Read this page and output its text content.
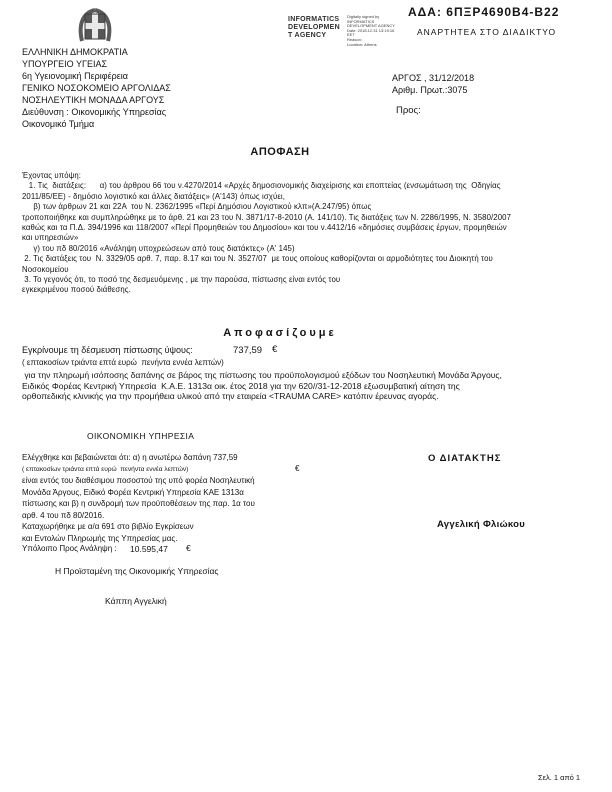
ΕΛΛΗΝΙΚΗ ΔΗΜΟΚΡΑΤΙΑ
ΥΠΟΥΡΓΕΙΟ ΥΓΕΙΑΣ
6η Υγειονομική Περιφέρεια
ΓΕΝΙΚΟ ΝΟΣΟΚΟΜΕΙΟ ΑΡΓΟΛΙΔΑΣ
ΝΟΣΗΛΕΥΤΙΚΗ ΜΟΝΑΔΑ ΑΡΓΟΥΣ
Διεύθυνση : Οικονομικής Υπηρεσίας
Οικονομικό Τμήμα
INFORMATICS
DEVELOPMEN
T AGENCY
Digitally signed by
INFORMATICS
DEVELOPMENT AGENCY
Date: 2018.12.31 13:19:16
EET
Reason:
Location: Athens
ΑΔΑ: 6ΠΞΡ4690Β4-Β22
ΑΝΑΡΤΗΤΕΑ ΣΤΟ ΔΙΑΔΙΚΤΥΟ
ΑΡΓΟΣ , 31/12/2018
Αριθμ. Πρωτ.:3075
Προς:
ΑΠΟΦΑΣΗ
Έχοντας υπόψη:
1. Τις  διατάξεις:      α) του άρθρου 66 του ν.4270/2014 «Αρχές δημοσιονομικής διαχείρισης και εποπτείας (ενσωμάτωση της  Οδηγίας
2011/85/ΕΕ) - δημόσιο λογιστικό και άλλες διατάξεις» (Α'143) όπως ισχύει,
β) των άρθρων 21 και 22Α  του Ν. 2362/1995 «Περί Δημόσιου Λογιστικού κλπ»(Α.247/95) όπως
τροποποιήθηκε και συμπληρώθηκε με το άρθ. 21 και 23 του Ν. 3871/17-8-2010 (Α. 141/10). Τις διατάξεις των Ν. 2286/1995, Ν. 3580/2007
καθώς και τα Π.Δ. 394/1996 και 118/2007 «Περί Προμηθειών του Δημοσίου» και του ν.4412/16 «δημόσιες συμβάσεις έργων, προμηθειών
και υπηρεσιών»
γ) του πδ 80/2016 «Ανάληψη υποχρεώσεων από τους διατάκτες» (Α' 145)
2. Τις διατάξεις του  Ν. 3329/05 αρθ. 7, παρ. 8.17 και του Ν. 3527/07  με τους οποίους καθορίζονται οι αρμοδιότητες του Διοικητή του
Νοσοκομείου
3. Το γεγονός ότι, το ποσό της δεσμευόμενης , με την παρούσα, πίστωσης είναι εντός του
εγκεκριμένου ποσού διάθεσης.
Αποφασίζουμε
Εγκρίνουμε τη δέσμευση πίστωσης ύψους:	737,59 €
( επτακοσίων τριάντα επτά ευρώ  πενήντα εννέα λεπτών)
για την πληρωμή ισόποσης δαπάνης σε βάρος της πίστωσης του προϋπολογισμού εξόδων του Νοσηλευτική Μονάδα Άργους,
Ειδικός Φορέας Κεντρική Υπηρεσία  Κ.Α.Ε. 1313α οικ. έτος 2018 για την 620//31-12-2018 εξωσυμβατική αίτηση της
ορθοπεδικής κλινικής για την προμήθεια υλικού από την εταιρεία <TRAUMA CARE> κατόπιν έρευνας αγοράς.
ΟΙΚΟΝΟΜΙΚΗ ΥΠΗΡΕΣΙΑ
Ελέγχθηκε και βεβαιώνεται ότι: α) η ανωτέρω δαπάνη 737,59
( επτακοσίων τριάντα επτά ευρώ  πενήντα εννέα λεπτών)
είναι εντός του διαθέσιμου ποσοστού της υπό φορέα Νοσηλευτική
Μονάδα Άργους, Ειδικό Φορέα Κεντρική Υπηρεσία ΚΑΕ 1313α
πίστωσης και β) η συνδρομή των προϋποθέσεων της παρ. 1α του
αρθ. 4 του πδ 80/2016.
Καταχωρήθηκε με α/α 691 στο βιβλίο Εγκρίσεων
και Εντολών Πληρωμής της Υπηρεσίας μας.
€
Υπόλοιπο Προς Ανάληψη : 10.595,47 €
Η Προϊσταμένη της Οικονομικής Υπηρεσίας
Κάππη Αγγελική
Ο ΔΙΑΤΑΚΤΗΣ
Αγγελική Φλιώκου
Σελ. 1 από 1
